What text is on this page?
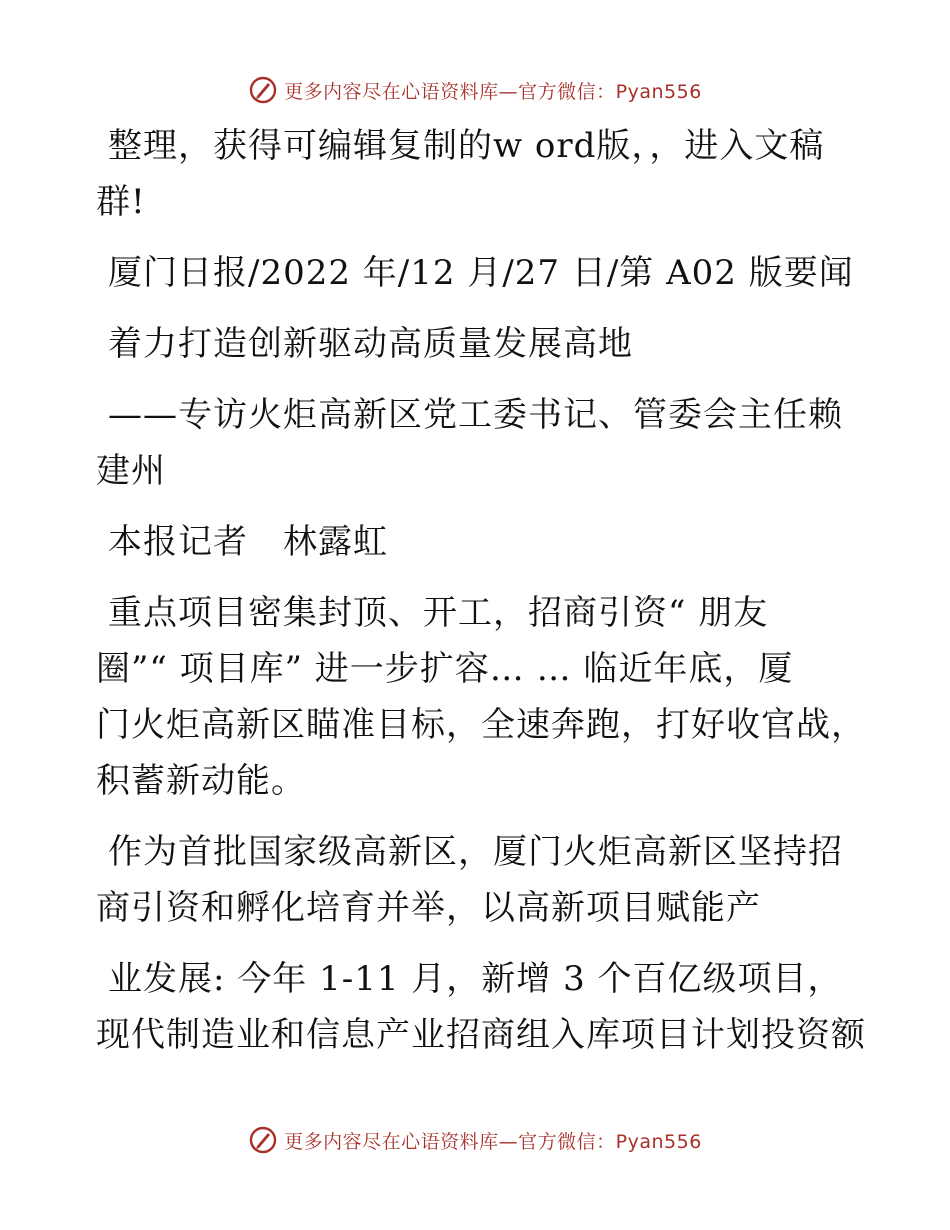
更多内容尽在心语资料库—官方微信：Pyan556

整理，获得可编辑复制的w ord版，，进入文稿
群!

厦门日报/2022 年/12 月/27 日/第 A02 版要闻

着力打造创新驱动高质量发展高地

——专访火炬高新区党工委书记、管委会主任赖
建州

本报记者　林露虹

重点项目密集封顶、开工，招商引资“ 朋友
圈”“ 项目库” 进一步扩容… … 临近年底，厦
门火炬高新区瞄准目标，全速奔跑，打好收官战，
积蓄新动能。

作为首批国家级高新区，厦门火炬高新区坚持招
商引资和孵化培育并举，以高新项目赋能产

业发展: 今年 1-11 月，新增 3 个百亿级项目，
现代制造业和信息产业招商组入库项目计划投资额

更多内容尽在心语资料库—官方微信：Pyan556
